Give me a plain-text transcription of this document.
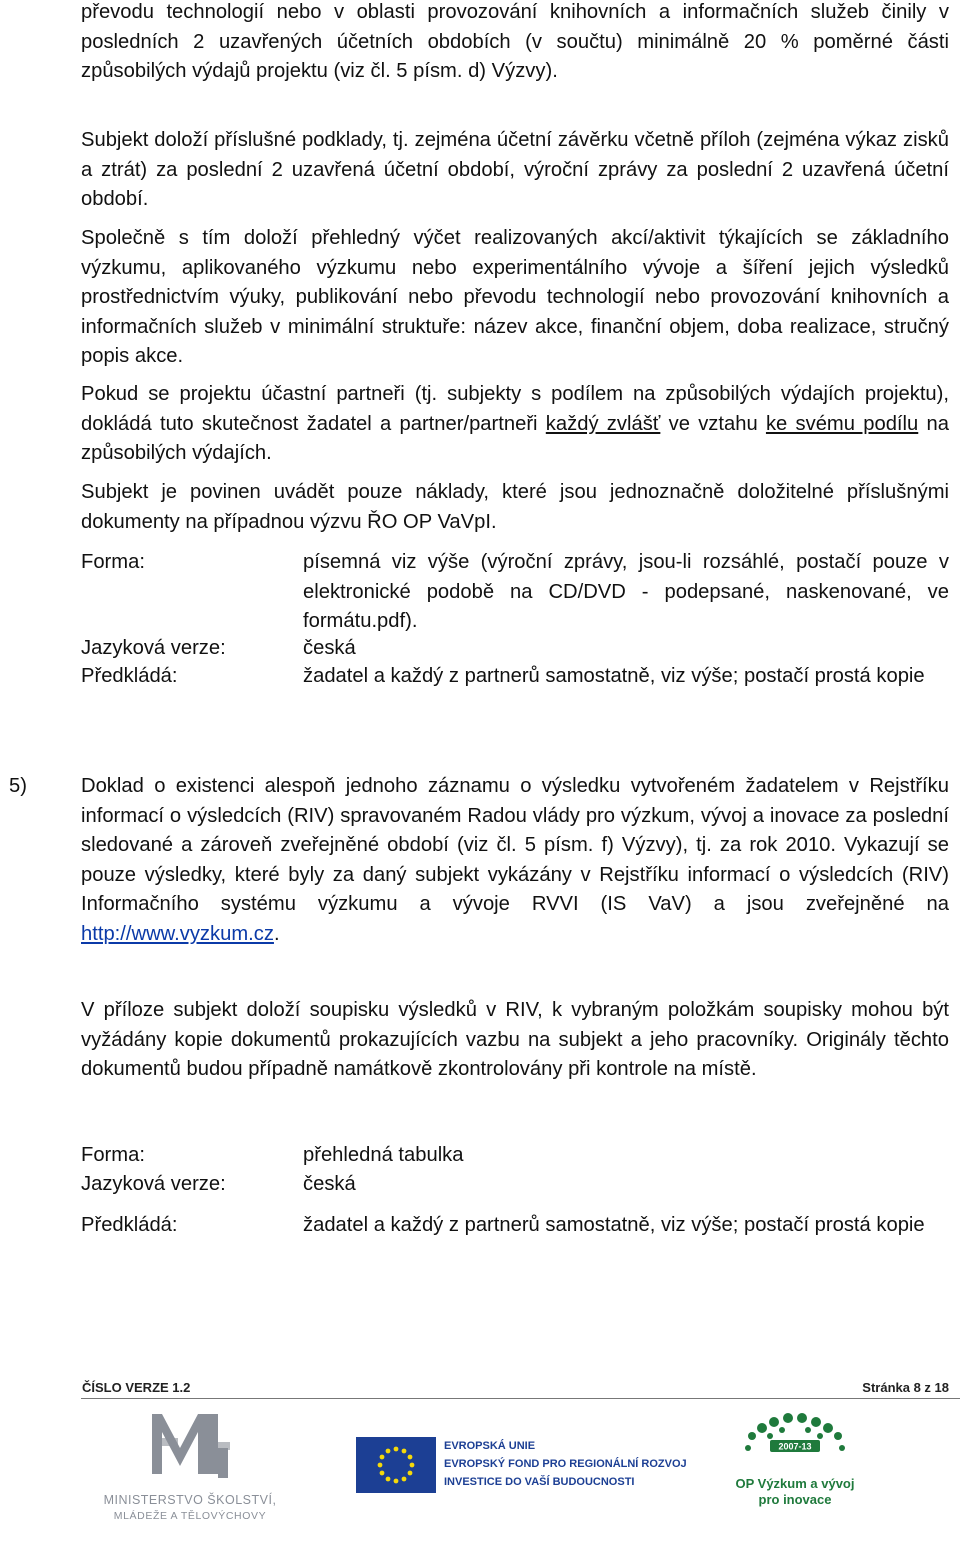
převodu technologií nebo v oblasti provozování knihovních a informačních služeb činily v posledních 2 uzavřených účetních obdobích (v součtu) minimálně 20 % poměrné části způsobilých výdajů projektu (viz čl. 5 písm. d) Výzvy).

Subjekt doloží příslušné podklady, tj. zejména účetní závěrku včetně příloh (zejména výkaz zisků a ztrát) za poslední 2 uzavřená účetní období, výroční zprávy za poslední 2 uzavřená účetní období.

Společně s tím doloží přehledný výčet realizovaných akcí/aktivit týkajících se základního výzkumu, aplikovaného výzkumu nebo experimentálního vývoje a šíření jejich výsledků prostřednictvím výuky, publikování nebo převodu technologií nebo provozování knihovních a informačních služeb v minimální struktuře: název akce, finanční objem, doba realizace, stručný popis akce.

Pokud se projektu účastní partneři (tj. subjekty s podílem na způsobilých výdajích projektu), dokládá tuto skutečnost žadatel a partner/partneři každý zvlášť ve vztahu ke svému podílu na způsobilých výdajích.

Subjekt je povinen uvádět pouze náklady, které jsou jednoznačně doložitelné příslušnými dokumenty na případnou výzvu ŘO OP VaVpI.

Forma:	písemná viz výše (výroční zprávy, jsou-li rozsáhlé, postačí pouze v elektronické podobě na CD/DVD - podepsané, naskenované, ve formátu.pdf).
Jazyková verze:	česká
Předkládá:	žadatel a každý z partnerů samostatně, viz výše; postačí prostá kopie
5)	Doklad o existenci alespoň jednoho záznamu o výsledku vytvořeném žadatelem v Rejstříku informací o výsledcích (RIV) spravovaném Radou vlády pro výzkum, vývoj a inovace za poslední sledované a zároveň zveřejněné období (viz čl. 5 písm. f) Výzvy), tj. za rok 2010. Vykazují se pouze výsledky, které byly za daný subjekt vykázány v Rejstříku informací o výsledcích (RIV) Informačního systému výzkumu a vývoje RVVI (IS VaV) a jsou zveřejněné na http://www.vyzkum.cz.

V příloze subjekt doloží soupisku výsledků v RIV, k vybraným položkám soupisky mohou být vyžádány kopie dokumentů prokazujících vazbu na subjekt a jeho pracovníky. Originály těchto dokumentů budou případně namátkově zkontrolovány při kontrole na místě.

Forma:	přehledná tabulka
Jazyková verze:	česká
Předkládá:	žadatel a každý z partnerů samostatně, viz výše; postačí prostá kopie
ČÍSLO VERZE 1.2	Stránka 8 z 18
MINISTERSTVO ŠKOLSTVÍ,
MLÁDEŽE A TĚLOVÝCHOVY
EVROPSKÁ UNIE
EVROPSKÝ FOND PRO REGIONÁLNÍ ROZVOJ
INVESTICE DO VAŠÍ BUDOUCNOSTI
2007-13
OP Výzkum a vývoj
pro inovace
